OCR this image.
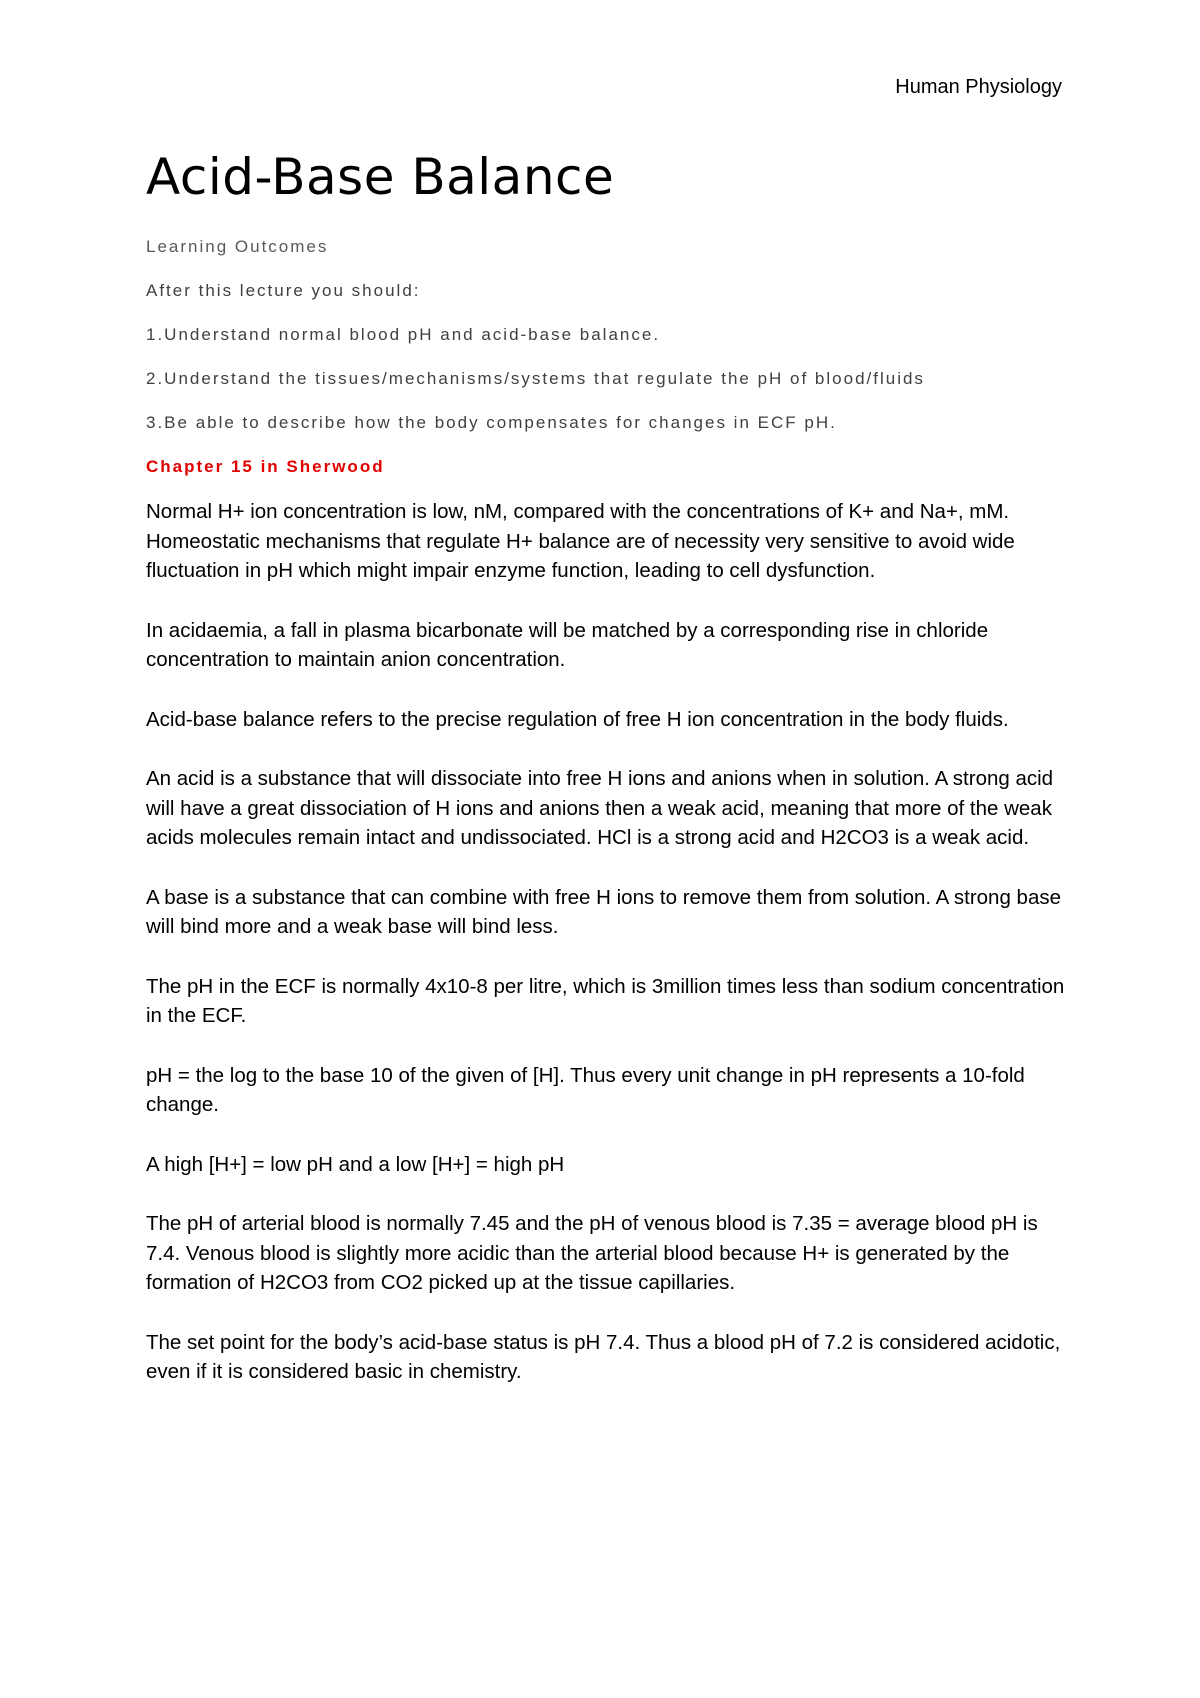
Human Physiology
Acid-Base Balance

Learning Outcomes

After this lecture you should:

1.Understand normal blood pH and acid-base balance.

2.Understand the tissues/mechanisms/systems that regulate the pH of blood/fluids

3.Be able to describe how the body compensates for changes in ECF pH.

Chapter 15 in Sherwood

Normal H+ ion concentration is low, nM, compared with the concentrations of K+ and Na+, mM. Homeostatic mechanisms that regulate H+ balance are of necessity very sensitive to avoid wide fluctuation in pH which might impair enzyme function, leading to cell dysfunction.

In acidaemia, a fall in plasma bicarbonate will be matched by a corresponding rise in chloride concentration to maintain anion concentration.

Acid-base balance refers to the precise regulation of free H ion concentration in the body fluids.

An acid is a substance that will dissociate into free H ions and anions when in solution. A strong acid will have a great dissociation of H ions and anions then a weak acid, meaning that more of the weak acids molecules remain intact and undissociated. HCl is a strong acid and H2CO3 is a weak acid.

A base is a substance that can combine with free H ions to remove them from solution. A strong base will bind more and a weak base will bind less.

The pH in the ECF is normally 4x10-8 per litre, which is 3million times less than sodium concentration in the ECF.

pH = the log to the base 10 of the given of [H]. Thus every unit change in pH represents a 10-fold change.

A high [H+] = low pH and a low [H+] = high pH

The pH of arterial blood is normally 7.45 and the pH of venous blood is 7.35 = average blood pH is 7.4. Venous blood is slightly more acidic than the arterial blood because H+ is generated by the formation of H2CO3 from CO2 picked up at the tissue capillaries.

The set point for the body’s acid-base status is pH 7.4. Thus a blood pH of 7.2 is considered acidotic, even if it is considered basic in chemistry.
